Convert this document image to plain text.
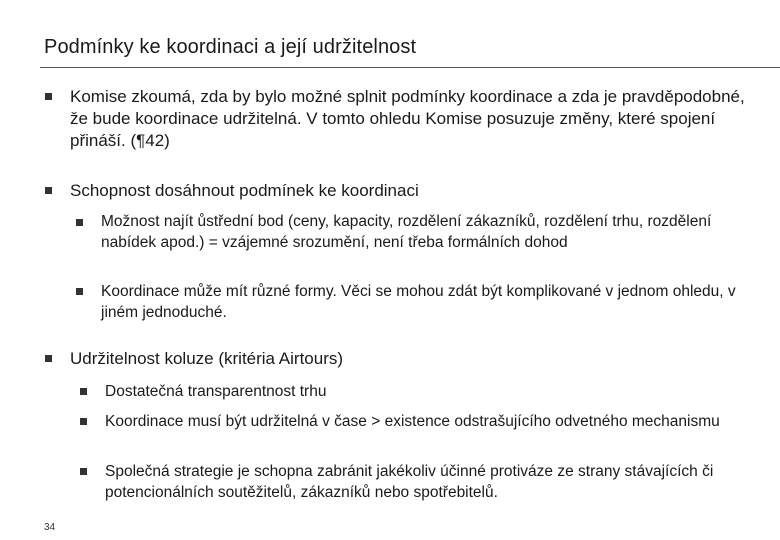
Podmínky ke koordinaci a její udržitelnost
Komise zkoumá, zda by bylo možné splnit podmínky koordinace a zda je pravděpodobné, že bude koordinace udržitelná. V tomto ohledu Komise posuzuje změny, které spojení přináší. (¶42)
Schopnost dosáhnout podmínek ke koordinaci
Možnost najít ůstřední bod (ceny, kapacity, rozdělení zákazníků, rozdělení trhu, rozdělení nabídek apod.) = vzájemné srozumění, není třeba formálních dohod
Koordinace může mít různé formy. Věci se mohou zdát být komplikované v jednom ohledu, v jiném jednoduché.
Udržitelnost koluze (kritéria Airtours)
Dostatečná transparentnost trhu
Koordinace musí být udržitelná v čase > existence odstrašujícího odvetného mechanismu
Společná strategie je schopna zabránit jakékoliv účinné protiváze ze strany stávajících či potencionálních soutěžitelů, zákazníků nebo spotřebitelů.
34
